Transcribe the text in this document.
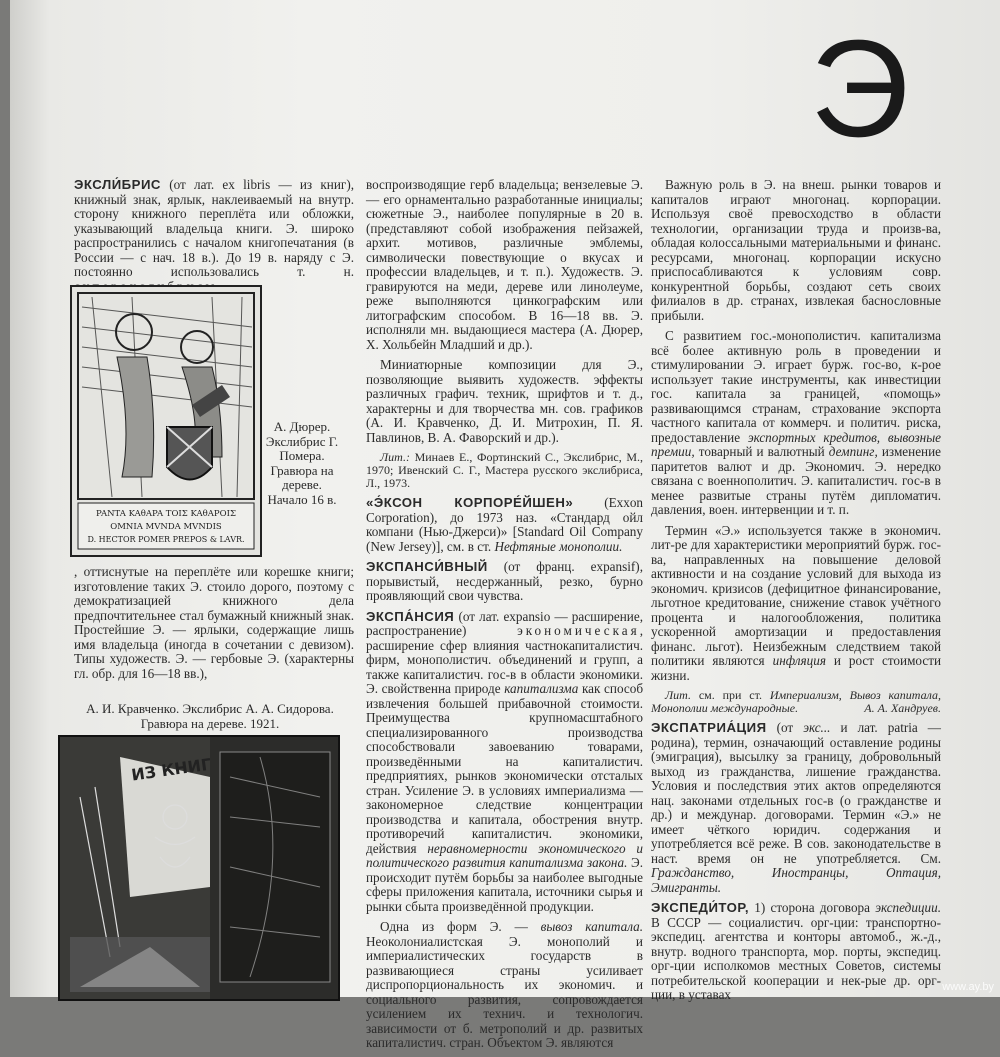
Э

ЭКСЛИ́БРИС (от лат. ex libris — из книг), книжный знак, ярлык, наклеиваемый на внутр. сторону книжного переплёта или обложки, указывающий владельца книги. Э. широко распространились с началом книгопечатания (в России — с нач. 18 в.). До 19 в. наряду с Э. постоянно использовались т. н.

PANTA KAθAPA TOIΣ KAθAPOIΣ
OMNIA MVNDA MVNDIS
D. HECTOR POMER PREPOS & LAVR.
А. Дюрер. Экслибрис Г. Помера. Гравюра на дереве. Начало 16 в.

, оттиснутые на переплёте или корешке книги; изготовление таких Э. стоило дорого, поэтому с демократизацией книжного дела предпочтительнее стал бумажный книжный знак. Простейшие Э. — ярлыки, содержащие лишь имя владельца (иногда в сочетании с девизом). Типы художеств. Э. — гербовые Э. (характерны гл. обр. для 16—18 вв.),

А. И. Кравченко. Экслибрис А. А. Сидорова. Гравюра на дереве. 1921.
ИЗ КНИГ

воспроизводящие герб владельца; вензелевые Э. — его орнаментально разработанные инициалы; сюжетные Э., наиболее популярные в 20 в. (представляют собой изображения пейзажей, архит. мотивов, различные эмблемы, символически повествующие о вкусах и профессии владельцев, и т. п.). Художеств. Э. гравируются на меди, дереве или линолеуме, реже выполняются цинкографским или литографским способом. В 16—18 вв. Э. исполняли мн. выдающиеся мастера (А. Дюрер, Х. Хольбейн Младший и др.).

Миниатюрные композиции для Э., позволяющие выявить художеств. эффекты различных графич. техник, шрифтов и т. д., характерны и для творчества мн. сов. графиков (А. И. Кравченко, Д. И. Митрохин, П. Я. Павлинов, В. А. Фаворский и др.).

Лит.: Минаев Е., Фортинский С., Экслибрис, М., 1970; Ивенский С. Г., Мастера русского экслибриса, Л., 1973.

«Э́КСОН КОРПОРЕ́ЙШЕН» (Exxon Corporation), до 1973 наз. «Стандард ойл компани (Нью-Джерси)» [Standard Oil Company (New Jersey)], см. в ст. Нефтяные монополии.

ЭКСПАНСИ́ВНЫЙ (от франц. expansif), порывистый, несдержанный, резко, бурно проявляющий свои чувства.

ЭКСПА́НСИЯ (от лат. expansio — расширение, распространение)	экономическая, расширение сфер влияния частнокапиталистич. фирм, монополистич. объединений и групп, а также капиталистич. гос-в в области экономики. Э. свойственна природе капитализма как способ извлечения большей прибавочной стоимости. Преимущества крупномасштабного специализированного производства способствовали завоеванию товарами, произведёнными на капиталистич. предприятиях, рынков экономически отсталых стран. Усиление Э. в условиях империализма — закономерное следствие концентрации производства и капитала, обострения внутр. противоречий капиталистич. экономики, действия неравномерности экономического и политического развития капитализма закона. Э. происходит путём борьбы за наиболее выгодные сферы приложения капитала, источники сырья и рынки сбыта произведённой продукции.

Одна из форм Э. — вывоз капитала. Неоколониалистская Э. монополий и империалистических государств в развивающиеся страны усиливает диспропорциональность их экономич. и социального развития, сопровождается усилением их технич. и технологич. зависимости от б. метрополий и др. развитых капиталистич. стран. Объектом Э. являются

Важную роль в Э. на внеш. рынки товаров и капиталов играют многонац. корпорации. Используя своё превосходство в области технологии, организации труда и произв-ва, обладая колоссальными материальными и финанс. ресурсами, многонац. корпорации искусно приспосабливаются к условиям совр. конкурентной борьбы, создают сеть своих филиалов в др. странах, извлекая баснословные прибыли.

С развитием гос.-монополистич. капитализма всё более активную роль в проведении и стимулировании Э. играет бурж. гос-во, к-рое использует такие инструменты, как инвестиции гос. капитала за границей, «помощь» развивающимся странам, страхование экспорта частного капитала от коммерч. и политич. риска, предоставление экспортных кредитов, вывозные премии, товарный и валютный демпинг, изменение паритетов валют и др. Экономич. Э. нередко связана с военнополитич. Э. капиталистич. гос-в в менее развитые страны путём дипломатич. давления, воен. интервенции и т. п.

Термин «Э.» используется также в экономич. лит-ре для характеристики мероприятий бурж. гос-ва, направленных на повышение деловой активности и на создание условий для выхода из экономич. кризисов (дефицитное финансирование, льготное кредитование, снижение ставок учётного процента и налогообложения, политика ускоренной амортизации и предоставления финанс. льгот). Неизбежным следствием такой политики являются инфляция и рост стоимости жизни.

Лит. см. при ст. Империализм, Вывоз капитала, Монополии международные.	А. А. Хандруев.

ЭКСПАТРИА́ЦИЯ (от экс... и лат. patria — родина), термин, означающий оставление родины (эмиграция), высылку за границу, добровольный выход из гражданства, лишение гражданства. Условия и последствия этих актов определяются нац. законами отдельных гос-в (о гражданстве и др.) и междунар. договорами. Термин «Э.» не имеет чёткого юридич. содержания и употребляется всё реже. В сов. законодательстве в наст. время он не употребляется. См. Гражданство, Иностранцы, Оптация, Эмигранты.

ЭКСПЕДИ́ТОР, 1) сторона договора экспедиции. В СССР — социалистич. орг-ции: транспортно-экспедиц. агентства и конторы автомоб., ж.-д., внутр. водного транспорта, мор. порты, экспедиц. орг-ции исполкомов местных Советов, системы потребительской кооперации и нек-рые др. орг-ции, в уставах	www.ay.by
